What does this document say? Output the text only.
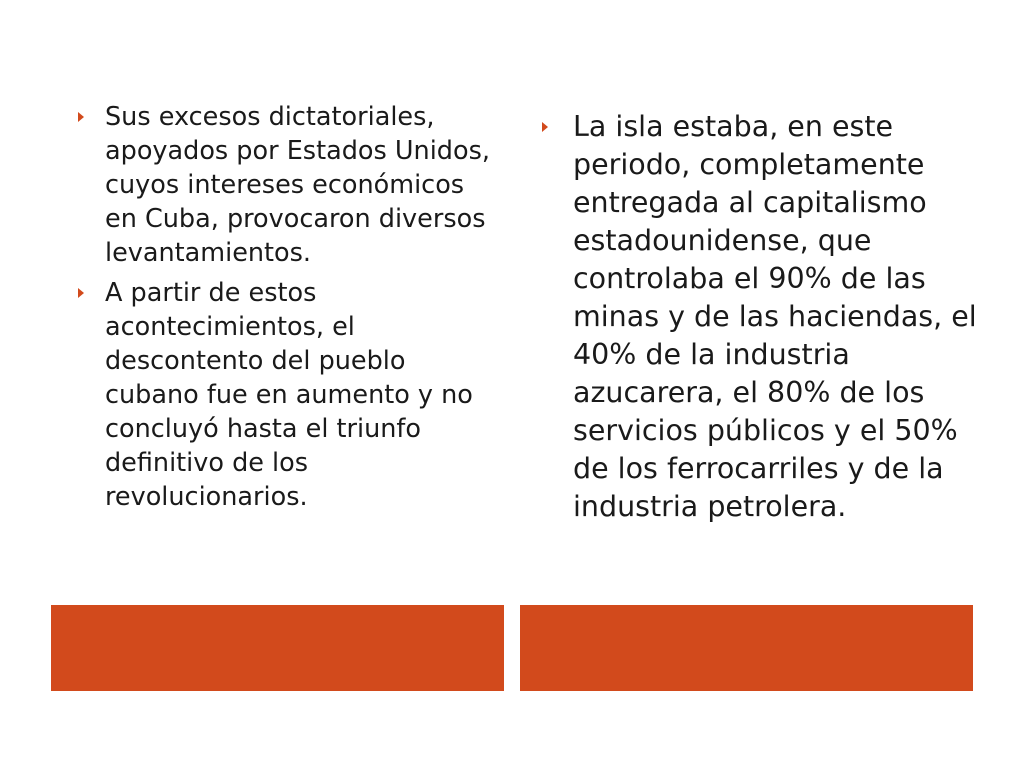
Sus excesos dictatoriales, apoyados por Estados Unidos, cuyos intereses económicos en Cuba, provocaron diversos levantamientos.
A partir de estos acontecimientos, el descontento del pueblo cubano fue en aumento y no concluyó hasta el triunfo definitivo de los revolucionarios.
La isla estaba, en este periodo, completamente entregada al capitalismo estadounidense, que controlaba el 90% de las minas y de las haciendas, el 40% de la industria azucarera, el 80% de los servicios públicos y el 50% de los ferrocarriles y de la industria petrolera.
